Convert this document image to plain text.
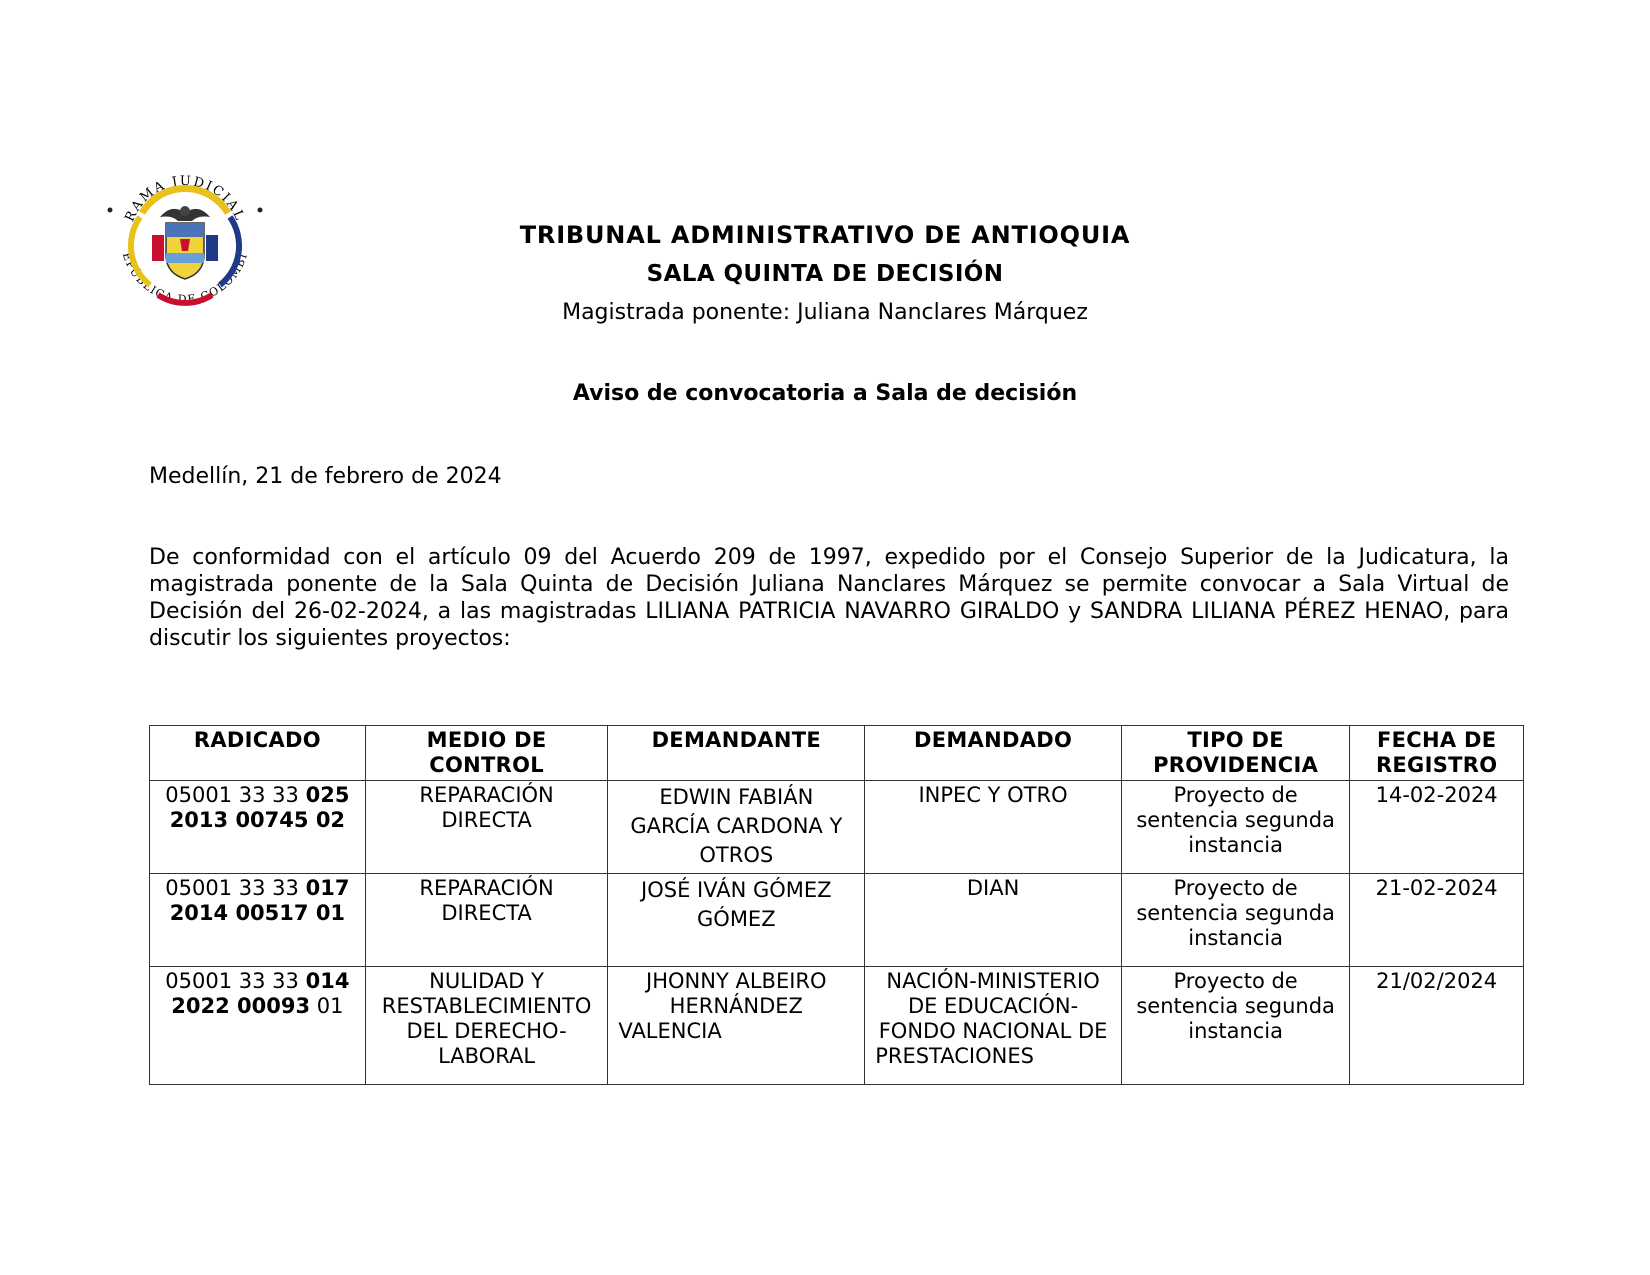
RAMA JUDICIAL
EPÚBLICA DE COLOMBI
TRIBUNAL ADMINISTRATIVO DE ANTIOQUIA
SALA QUINTA DE DECISIÓN
Magistrada ponente: Juliana Nanclares Márquez
Aviso de convocatoria a Sala de decisión
Medellín, 21 de febrero de 2024
De conformidad con el artículo 09 del Acuerdo 209 de 1997, expedido por el Consejo Superior de la Judicatura, la magistrada ponente de la Sala Quinta de Decisión Juliana Nanclares Márquez se permite convocar a Sala Virtual de Decisión del 26-02-2024, a las magistradas LILIANA PATRICIA NAVARRO GIRALDO y SANDRA LILIANA PÉREZ HENAO, para discutir los siguientes proyectos:
RADICADO	MEDIO DE CONTROL	DEMANDANTE	DEMANDADO	TIPO DE PROVIDENCIA	FECHA DE REGISTRO
05001 33 33 025
2013 00745 02	REPARACIÓN DIRECTA	EDWIN FABIÁN GARCÍA CARDONA Y OTROS	INPEC Y OTRO	Proyecto de sentencia segunda instancia	14-02-2024
05001 33 33 017
2014 00517 01	REPARACIÓN DIRECTA	JOSÉ IVÁN GÓMEZ GÓMEZ	DIAN	Proyecto de sentencia segunda instancia	21-02-2024
05001 33 33 014
2022 00093 01	NULIDAD Y RESTABLECIMIENTO DEL DERECHO-LABORAL	JHONNY ALBEIRO HERNÁNDEZ VALENCIA	NACIÓN-MINISTERIO DE EDUCACIÓN-FONDO NACIONAL DE PRESTACIONES	Proyecto de sentencia segunda instancia	21/02/2024
